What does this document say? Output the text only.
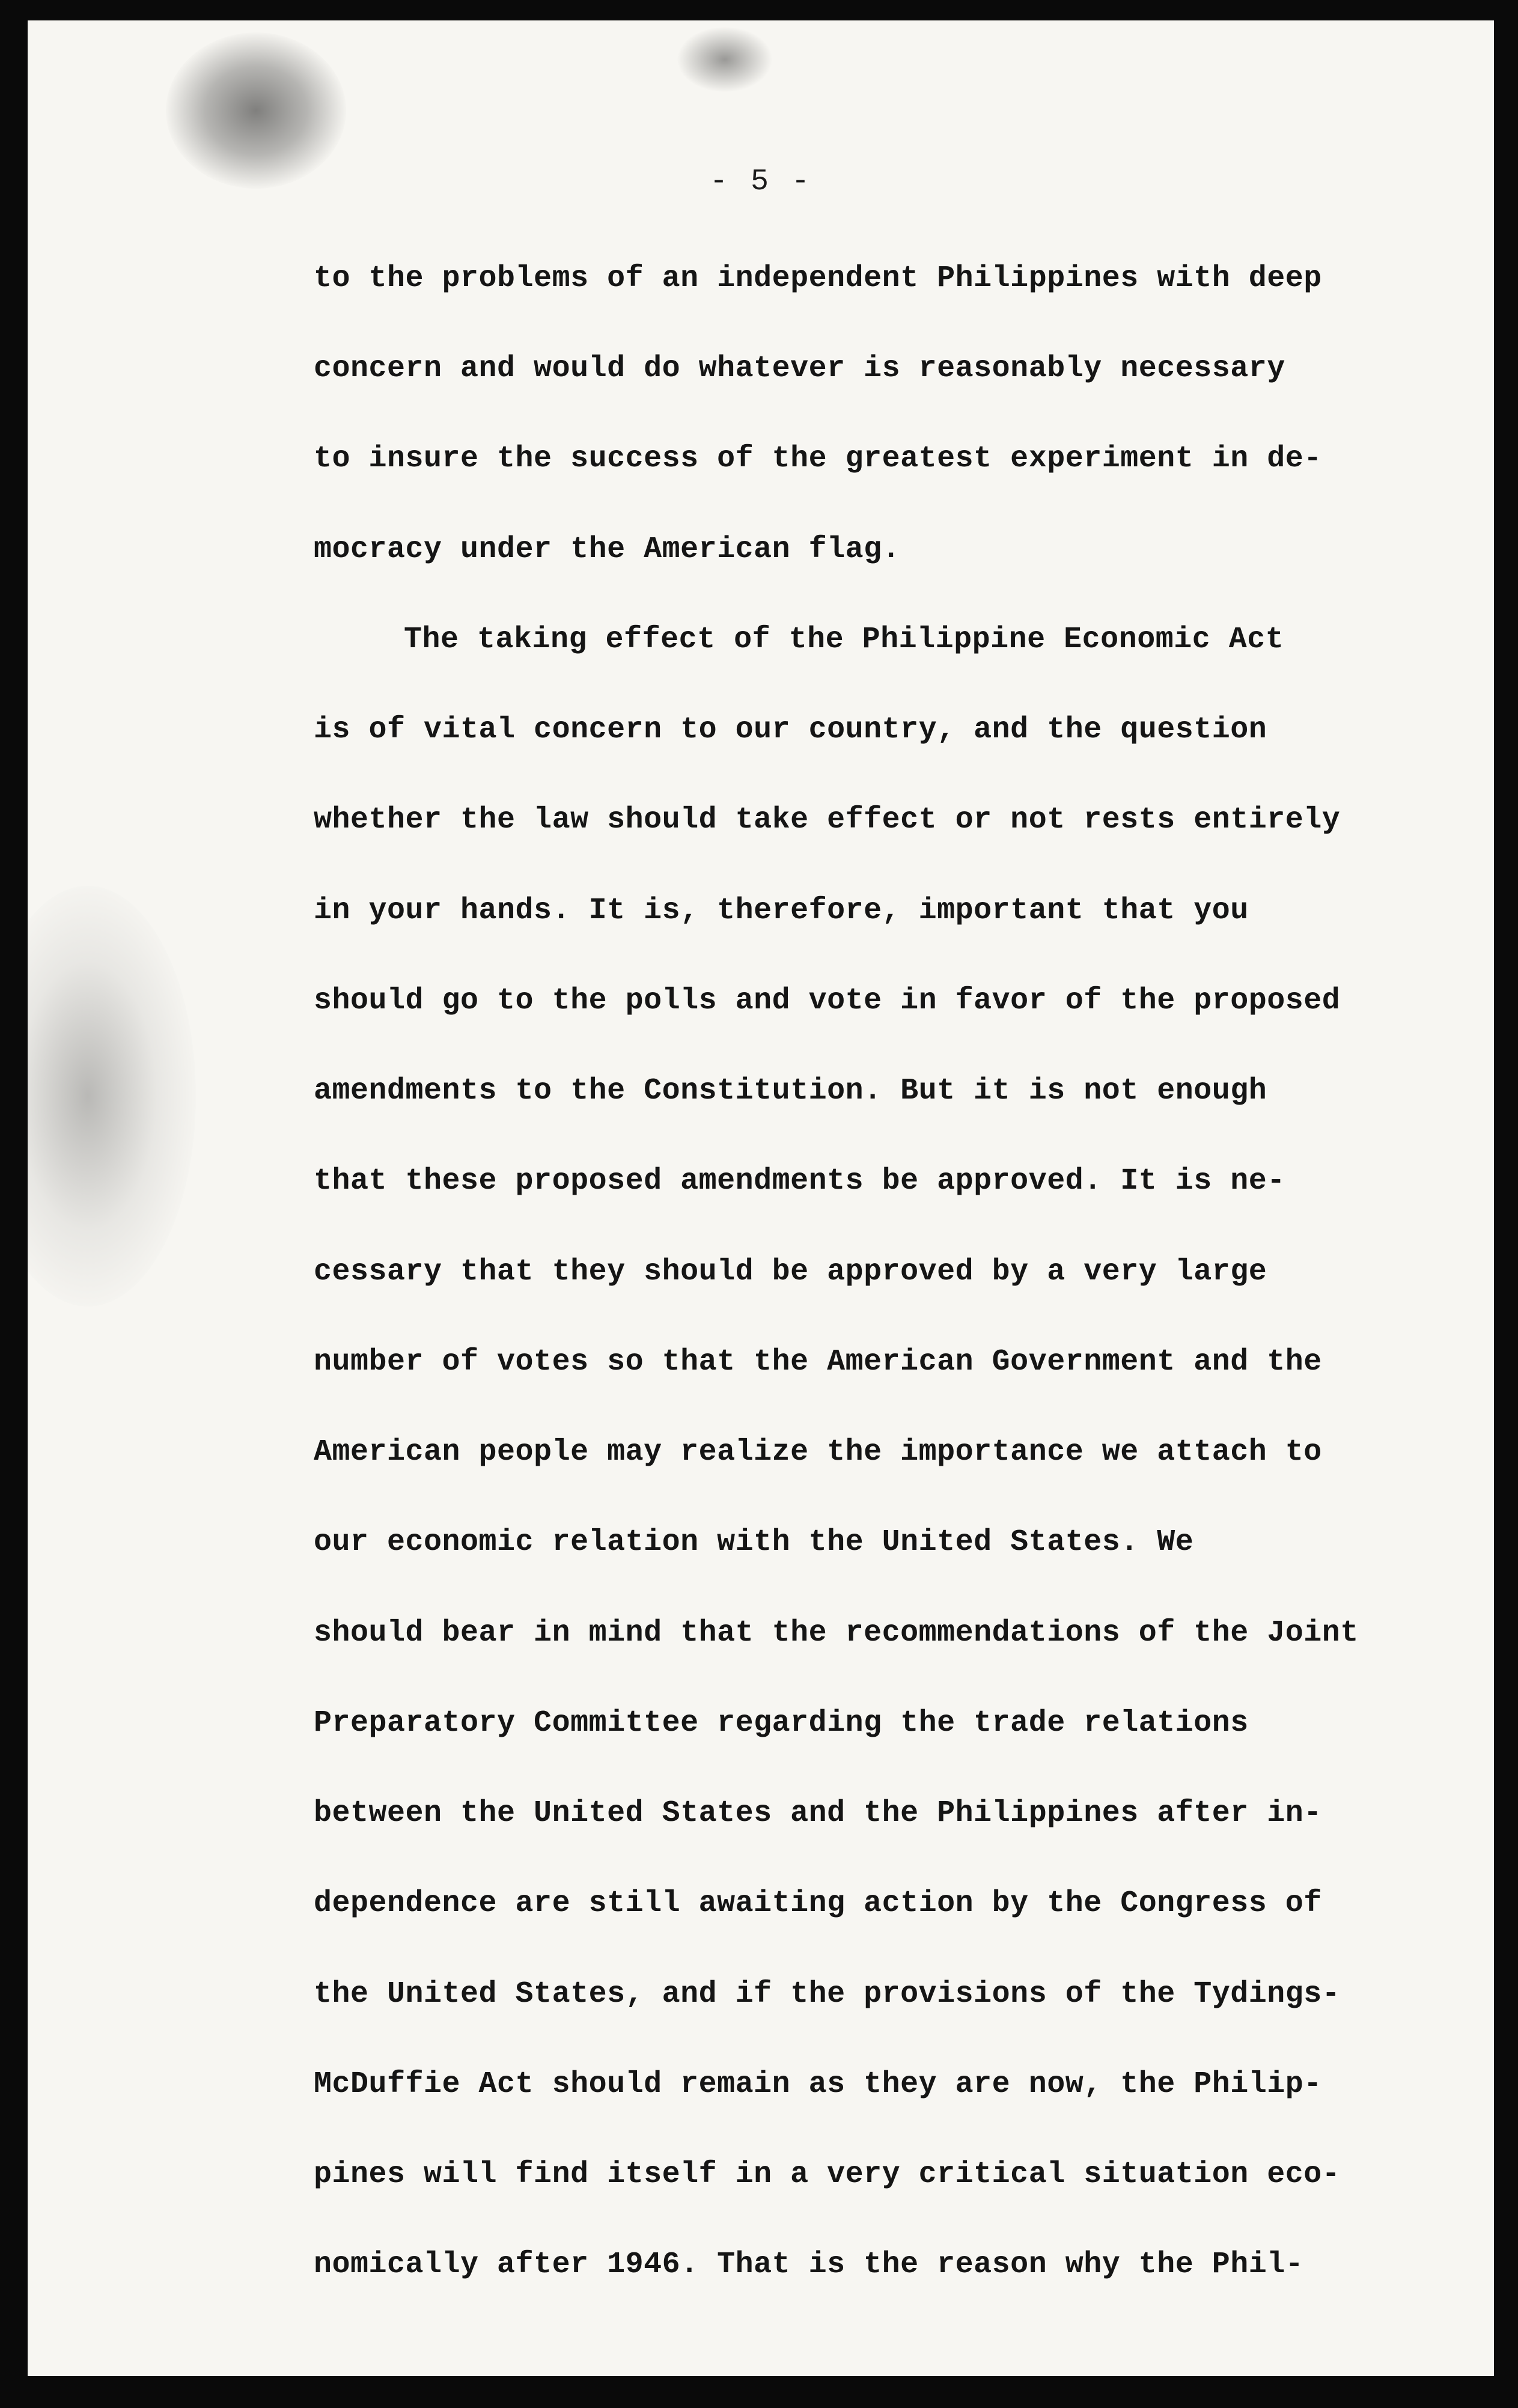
- 5 -
to the problems of an independent Philippines with deep
concern and would do whatever is reasonably necessary
to insure the success of the greatest experiment in de-
mocracy under the American flag.
The taking effect of the Philippine Economic Act
is of vital concern to our country, and the question
whether the law should take effect or not rests entirely
in your hands. It is, therefore, important that you
should go to the polls and vote in favor of the proposed
amendments to the Constitution. But it is not enough
that these proposed amendments be approved. It is ne-
cessary that they should be approved by a very large
number of votes so that the American Government and the
American people may realize the importance we attach to
our economic relation with the United States. We
should bear in mind that the recommendations of the Joint
Preparatory Committee regarding the trade relations
between the United States and the Philippines after in-
dependence are still awaiting action by the Congress of
the United States, and if the provisions of the Tydings-
McDuffie Act should remain as they are now, the Philip-
pines will find itself in a very critical situation eco-
nomically after 1946. That is the reason why the Phil-
